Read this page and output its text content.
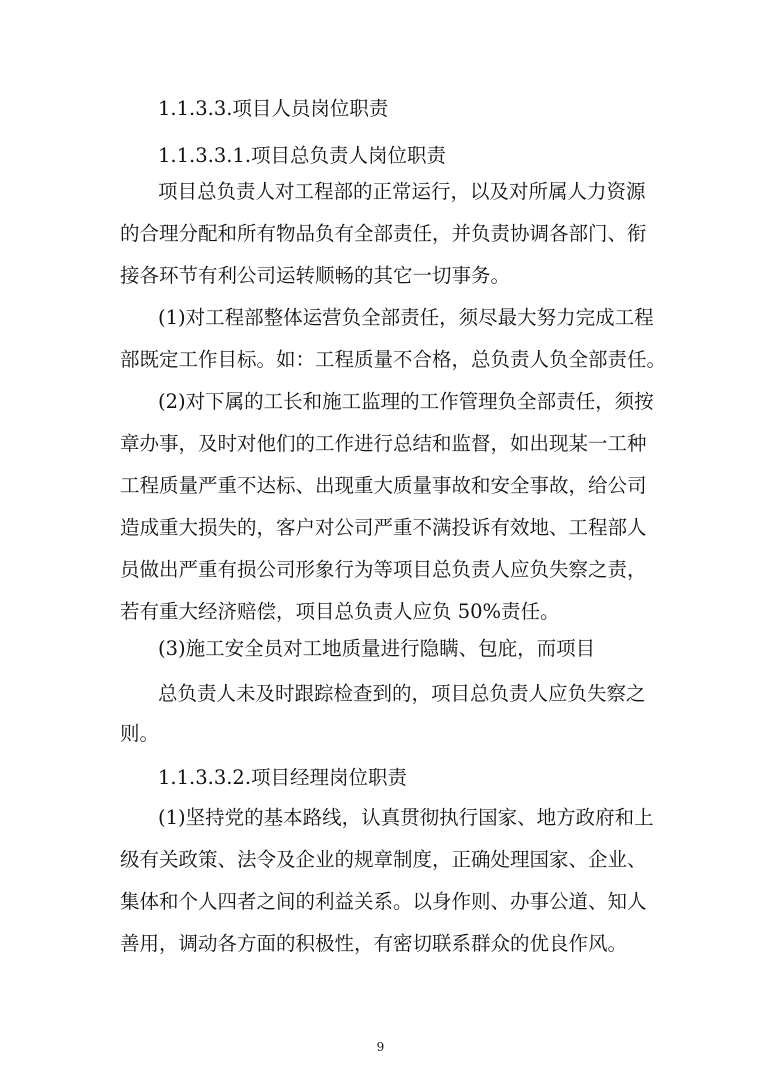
1.1.3.3.项目人员岗位职责
1.1.3.3.1.项目总负责人岗位职责
项目总负责人对工程部的正常运行，以及对所属人力资源
的合理分配和所有物品负有全部责任，并负责协调各部门、衔
接各环节有利公司运转顺畅的其它一切事务。
(1)对工程部整体运营负全部责任，须尽最大努力完成工程
部既定工作目标。如：工程质量不合格，总负责人负全部责任。
(2)对下属的工长和施工监理的工作管理负全部责任，须按
章办事，及时对他们的工作进行总结和监督，如出现某一工种
工程质量严重不达标、出现重大质量事故和安全事故，给公司
造成重大损失的，客户对公司严重不满投诉有效地、工程部人
员做出严重有损公司形象行为等项目总负责人应负失察之责，
若有重大经济赔偿，项目总负责人应负 50%责任。
(3)施工安全员对工地质量进行隐瞒、包庇，而项目
总负责人未及时跟踪检查到的，项目总负责人应负失察之
则。
1.1.3.3.2.项目经理岗位职责
(1)坚持党的基本路线，认真贯彻执行国家、地方政府和上
级有关政策、法令及企业的规章制度，正确处理国家、企业、
集体和个人四者之间的利益关系。以身作则、办事公道、知人
善用，调动各方面的积极性，有密切联系群众的优良作风。
9
